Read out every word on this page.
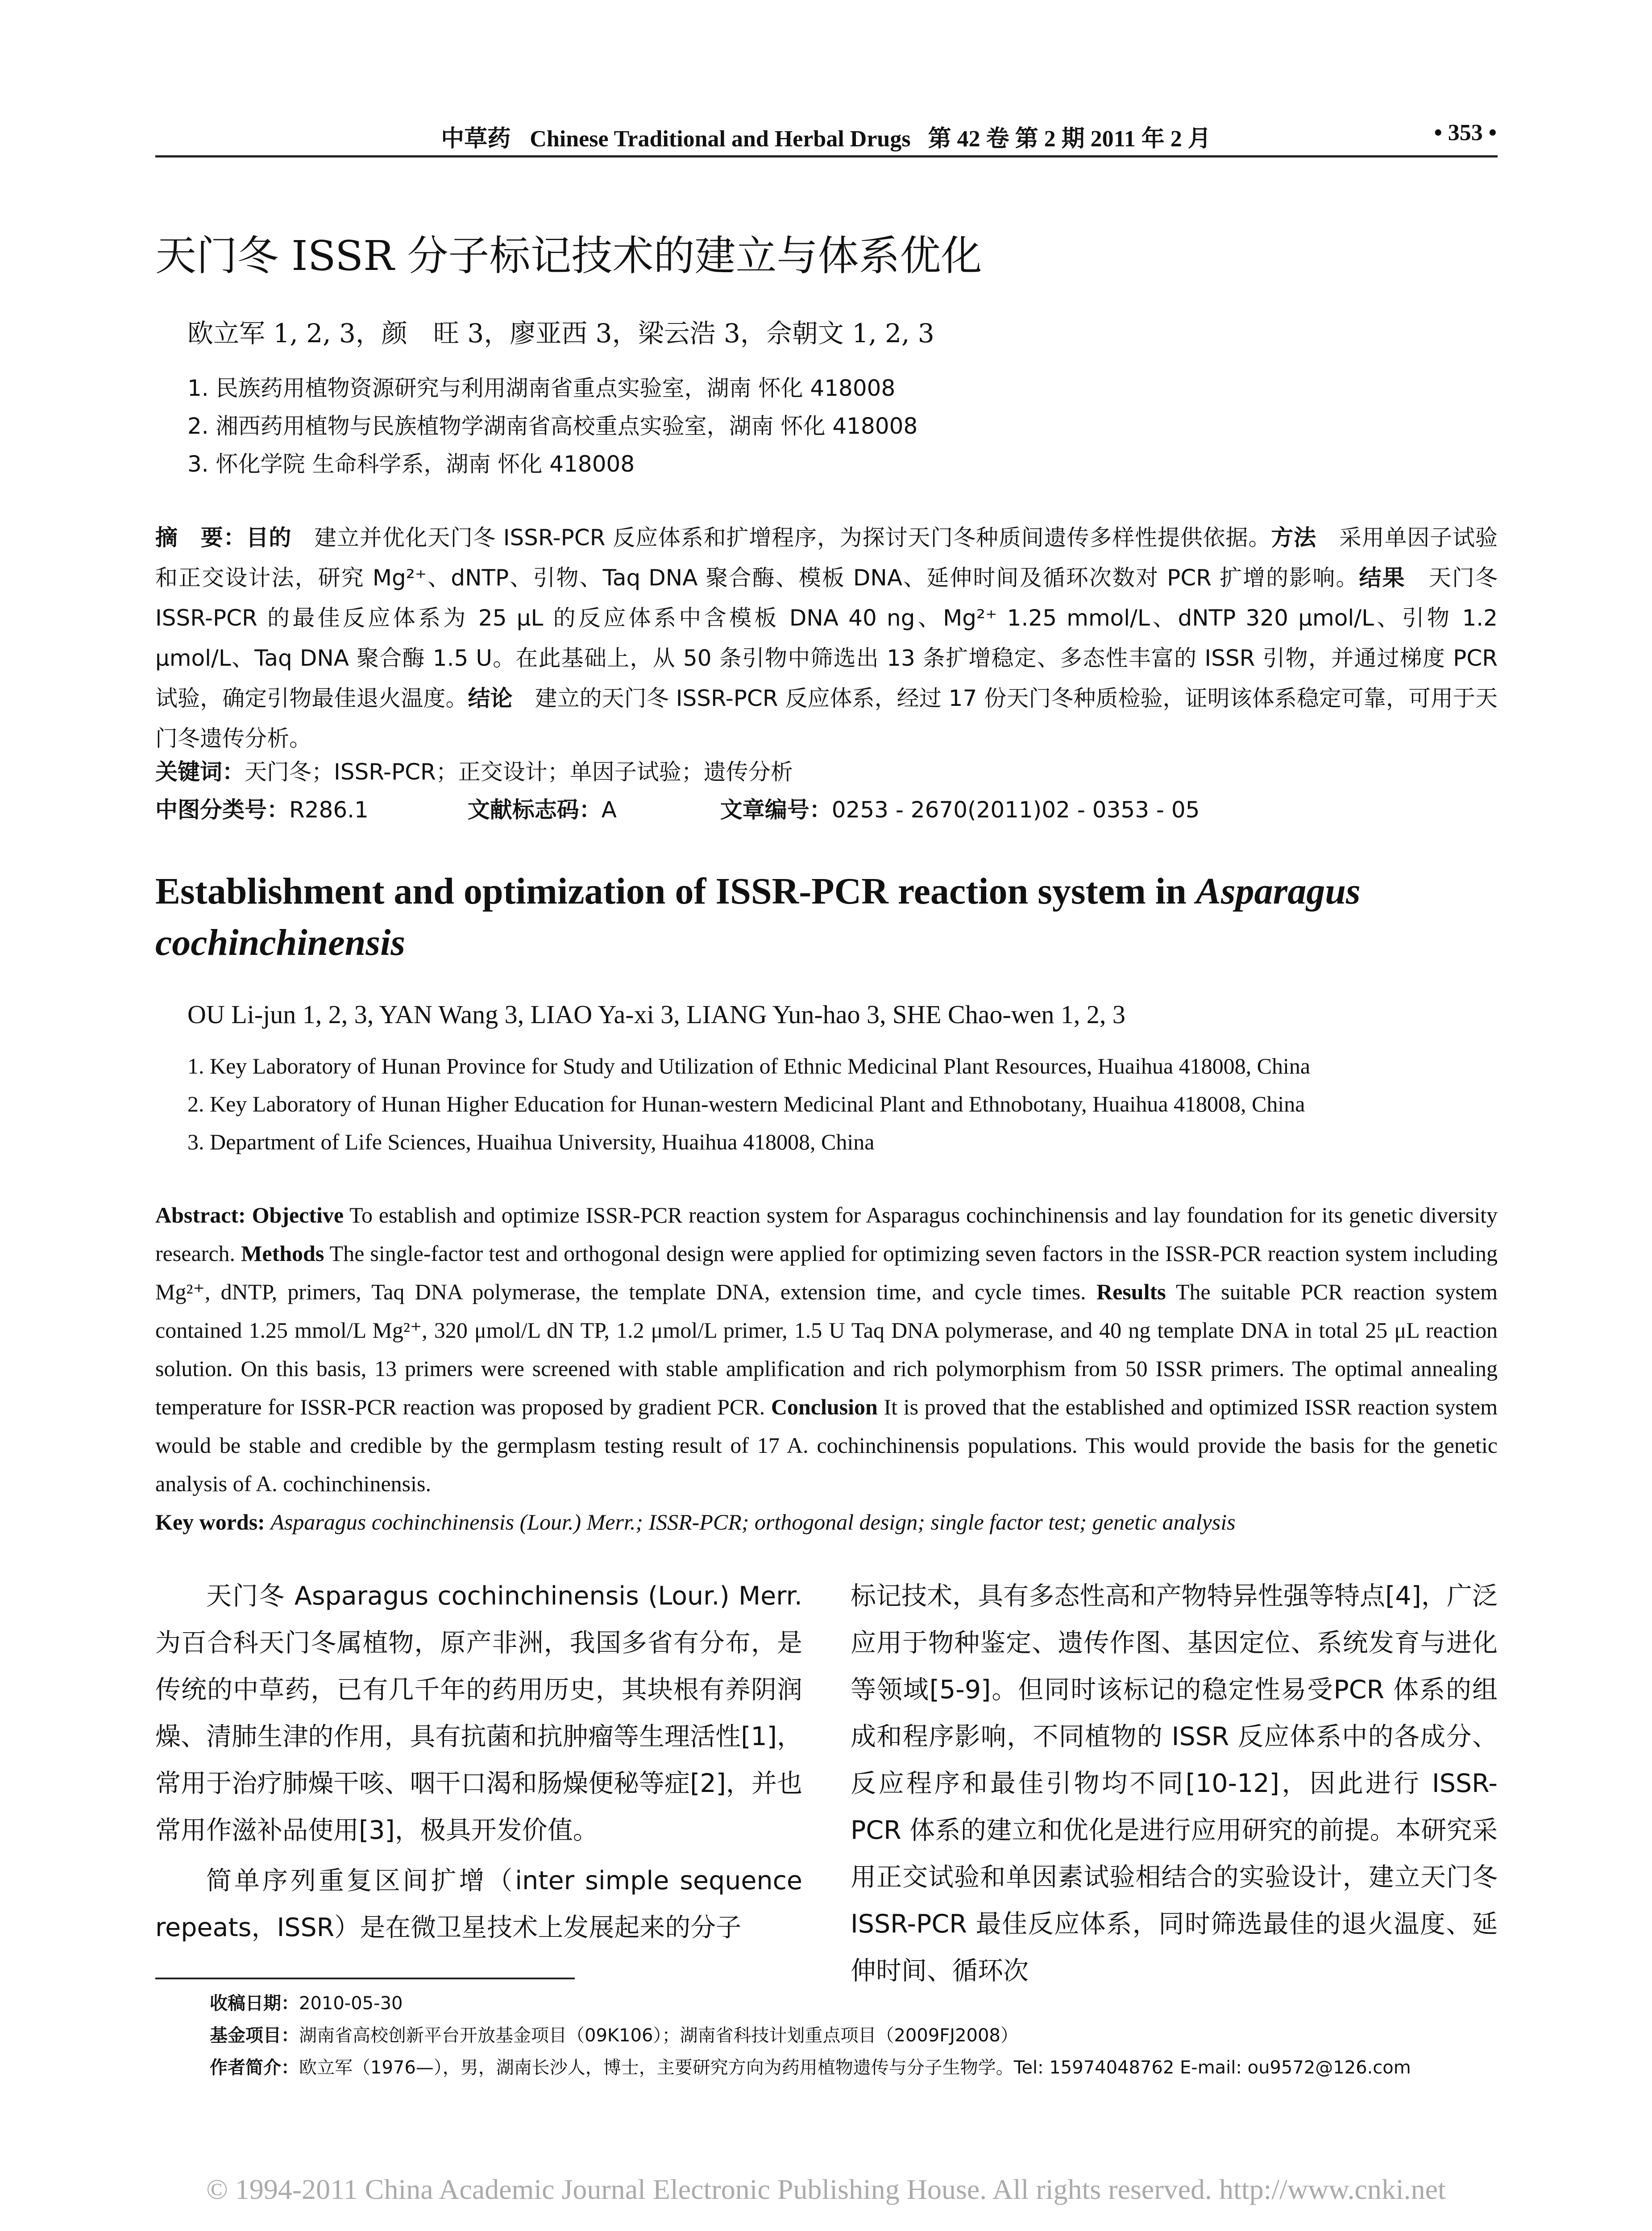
中草药 Chinese Traditional and Herbal Drugs 第 42 卷 第 2 期 2011 年 2 月	• 353 •
天门冬 ISSR 分子标记技术的建立与体系优化
欧立军 1, 2, 3，颜　旺 3，廖亚西 3，梁云浩 3，佘朝文 1, 2, 3
1. 民族药用植物资源研究与利用湖南省重点实验室，湖南 怀化 418008
2. 湘西药用植物与民族植物学湖南省高校重点实验室，湖南 怀化 418008
3. 怀化学院 生命科学系，湖南 怀化 418008
摘　要：目的　建立并优化天门冬 ISSR-PCR 反应体系和扩增程序，为探讨天门冬种质间遗传多样性提供依据。方法　采用单因子试验和正交设计法，研究 Mg²⁺、dNTP、引物、Taq DNA 聚合酶、模板 DNA、延伸时间及循环次数对 PCR 扩增的影响。结果　天门冬 ISSR-PCR 的最佳反应体系为 25 μL 的反应体系中含模板 DNA 40 ng、Mg²⁺ 1.25 mmol/L、dNTP 320 μmol/L、引物 1.2 μmol/L、Taq DNA 聚合酶 1.5 U。在此基础上，从 50 条引物中筛选出 13 条扩增稳定、多态性丰富的 ISSR 引物，并通过梯度 PCR 试验，确定引物最佳退火温度。结论　建立的天门冬 ISSR-PCR 反应体系，经过 17 份天门冬种质检验，证明该体系稳定可靠，可用于天门冬遗传分析。
关键词：天门冬；ISSR-PCR；正交设计；单因子试验；遗传分析
中图分类号：R286.1	文献标志码：A	文章编号：0253 - 2670(2011)02 - 0353 - 05
Establishment and optimization of ISSR-PCR reaction system in Asparagus cochinchinensis
OU Li-jun 1, 2, 3, YAN Wang 3, LIAO Ya-xi 3, LIANG Yun-hao 3, SHE Chao-wen 1, 2, 3
1. Key Laboratory of Hunan Province for Study and Utilization of Ethnic Medicinal Plant Resources, Huaihua 418008, China
2. Key Laboratory of Hunan Higher Education for Hunan-western Medicinal Plant and Ethnobotany, Huaihua 418008, China
3. Department of Life Sciences, Huaihua University, Huaihua 418008, China
Abstract: Objective To establish and optimize ISSR-PCR reaction system for Asparagus cochinchinensis and lay foundation for its genetic diversity research. Methods The single-factor test and orthogonal design were applied for optimizing seven factors in the ISSR-PCR reaction system including Mg²⁺, dNTP, primers, Taq DNA polymerase, the template DNA, extension time, and cycle times. Results The suitable PCR reaction system contained 1.25 mmol/L Mg²⁺, 320 μmol/L dN TP, 1.2 μmol/L primer, 1.5 U Taq DNA polymerase, and 40 ng template DNA in total 25 μL reaction solution. On this basis, 13 primers were screened with stable amplification and rich polymorphism from 50 ISSR primers. The optimal annealing temperature for ISSR-PCR reaction was proposed by gradient PCR. Conclusion It is proved that the established and optimized ISSR reaction system would be stable and credible by the germplasm testing result of 17 A. cochinchinensis populations. This would provide the basis for the genetic analysis of A. cochinchinensis.
Key words: Asparagus cochinchinensis (Lour.) Merr.; ISSR-PCR; orthogonal design; single factor test; genetic analysis

天门冬 Asparagus cochinchinensis (Lour.) Merr. 为百合科天门冬属植物，原产非洲，我国多省有分布，是传统的中草药，已有几千年的药用历史，其块根有养阴润燥、清肺生津的作用，具有抗菌和抗肿瘤等生理活性[1]，常用于治疗肺燥干咳、咽干口渴和肠燥便秘等症[2]，并也常用作滋补品使用[3]，极具开发价值。

简单序列重复区间扩增（inter simple sequence repeats，ISSR）是在微卫星技术上发展起来的分子

标记技术，具有多态性高和产物特异性强等特点[4]，广泛应用于物种鉴定、遗传作图、基因定位、系统发育与进化等领域[5-9]。但同时该标记的稳定性易受PCR 体系的组成和程序影响，不同植物的 ISSR 反应体系中的各成分、反应程序和最佳引物均不同[10-12]，因此进行 ISSR-PCR 体系的建立和优化是进行应用研究的前提。本研究采用正交试验和单因素试验相结合的实验设计，建立天门冬 ISSR-PCR 最佳反应体系，同时筛选最佳的退火温度、延伸时间、循环次

收稿日期：2010-05-30
基金项目：湖南省高校创新平台开放基金项目（09K106）；湖南省科技计划重点项目（2009FJ2008）
作者简介：欧立军（1976—），男，湖南长沙人，博士，主要研究方向为药用植物遗传与分子生物学。Tel: 15974048762 E-mail: ou9572@126.com
© 1994-2011 China Academic Journal Electronic Publishing House. All rights reserved. http://www.cnki.net
